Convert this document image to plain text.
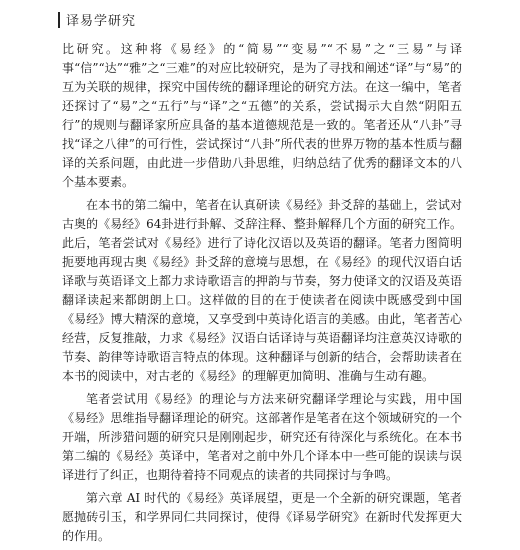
译易学研究

比研究。这种将《易经》的“简易”“变易”“不易”之“三易”与译事“信”“达”“雅”之“三难”的对应比较研究，是为了寻找和阐述“译”与“易”的互为关联的规律，探究中国传统的翻译理论的研究方法。在这一编中，笔者还探讨了“易”之“五行”与“译”之“五德”的关系，尝试揭示大自然“阴阳五行”的规则与翻译家所应具备的基本道德规范是一致的。笔者还从“八卦”寻找“译之八律”的可行性，尝试探讨“八卦”所代表的世界万物的基本性质与翻译的关系问题，由此进一步借助八卦思维，归纳总结了优秀的翻译文本的八个基本要素。

在本书的第二编中，笔者在认真研读《易经》卦爻辞的基础上，尝试对古奥的《易经》64卦进行卦解、爻辞注释、整卦解释几个方面的研究工作。此后，笔者尝试对《易经》进行了诗化汉语以及英语的翻译。笔者力图简明扼要地再现古奥《易经》卦爻辞的意境与思想，在《易经》的现代汉语白话译歌与英语译文上都力求诗歌语言的押韵与节奏，努力使译文的汉语及英语翻译读起来都朗朗上口。这样做的目的在于使读者在阅读中既感受到中国《易经》博大精深的意境，又享受到中英诗化语言的美感。由此，笔者苦心经营，反复推敲，力求《易经》汉语白话译诗与英语翻译均注意英汉诗歌的节奏、韵律等诗歌语言特点的体现。这种翻译与创新的结合，会帮助读者在本书的阅读中，对古老的《易经》的理解更加简明、准确与生动有趣。

笔者尝试用《易经》的理论与方法来研究翻译学理论与实践，用中国《易经》思维指导翻译理论的研究。这部著作是笔者在这个领域研究的一个开端，所涉猎问题的研究只是刚刚起步，研究还有待深化与系统化。在本书第二编的《易经》英译中，笔者对之前中外几个译本中一些可能的误读与误译进行了纠正，也期待着持不同观点的读者的共同探讨与争鸣。

第六章 AI 时代的《易经》英译展望，更是一个全新的研究课题，笔者愿抛砖引玉，和学界同仁共同探讨，使得《译易学研究》在新时代发挥更大的作用。
